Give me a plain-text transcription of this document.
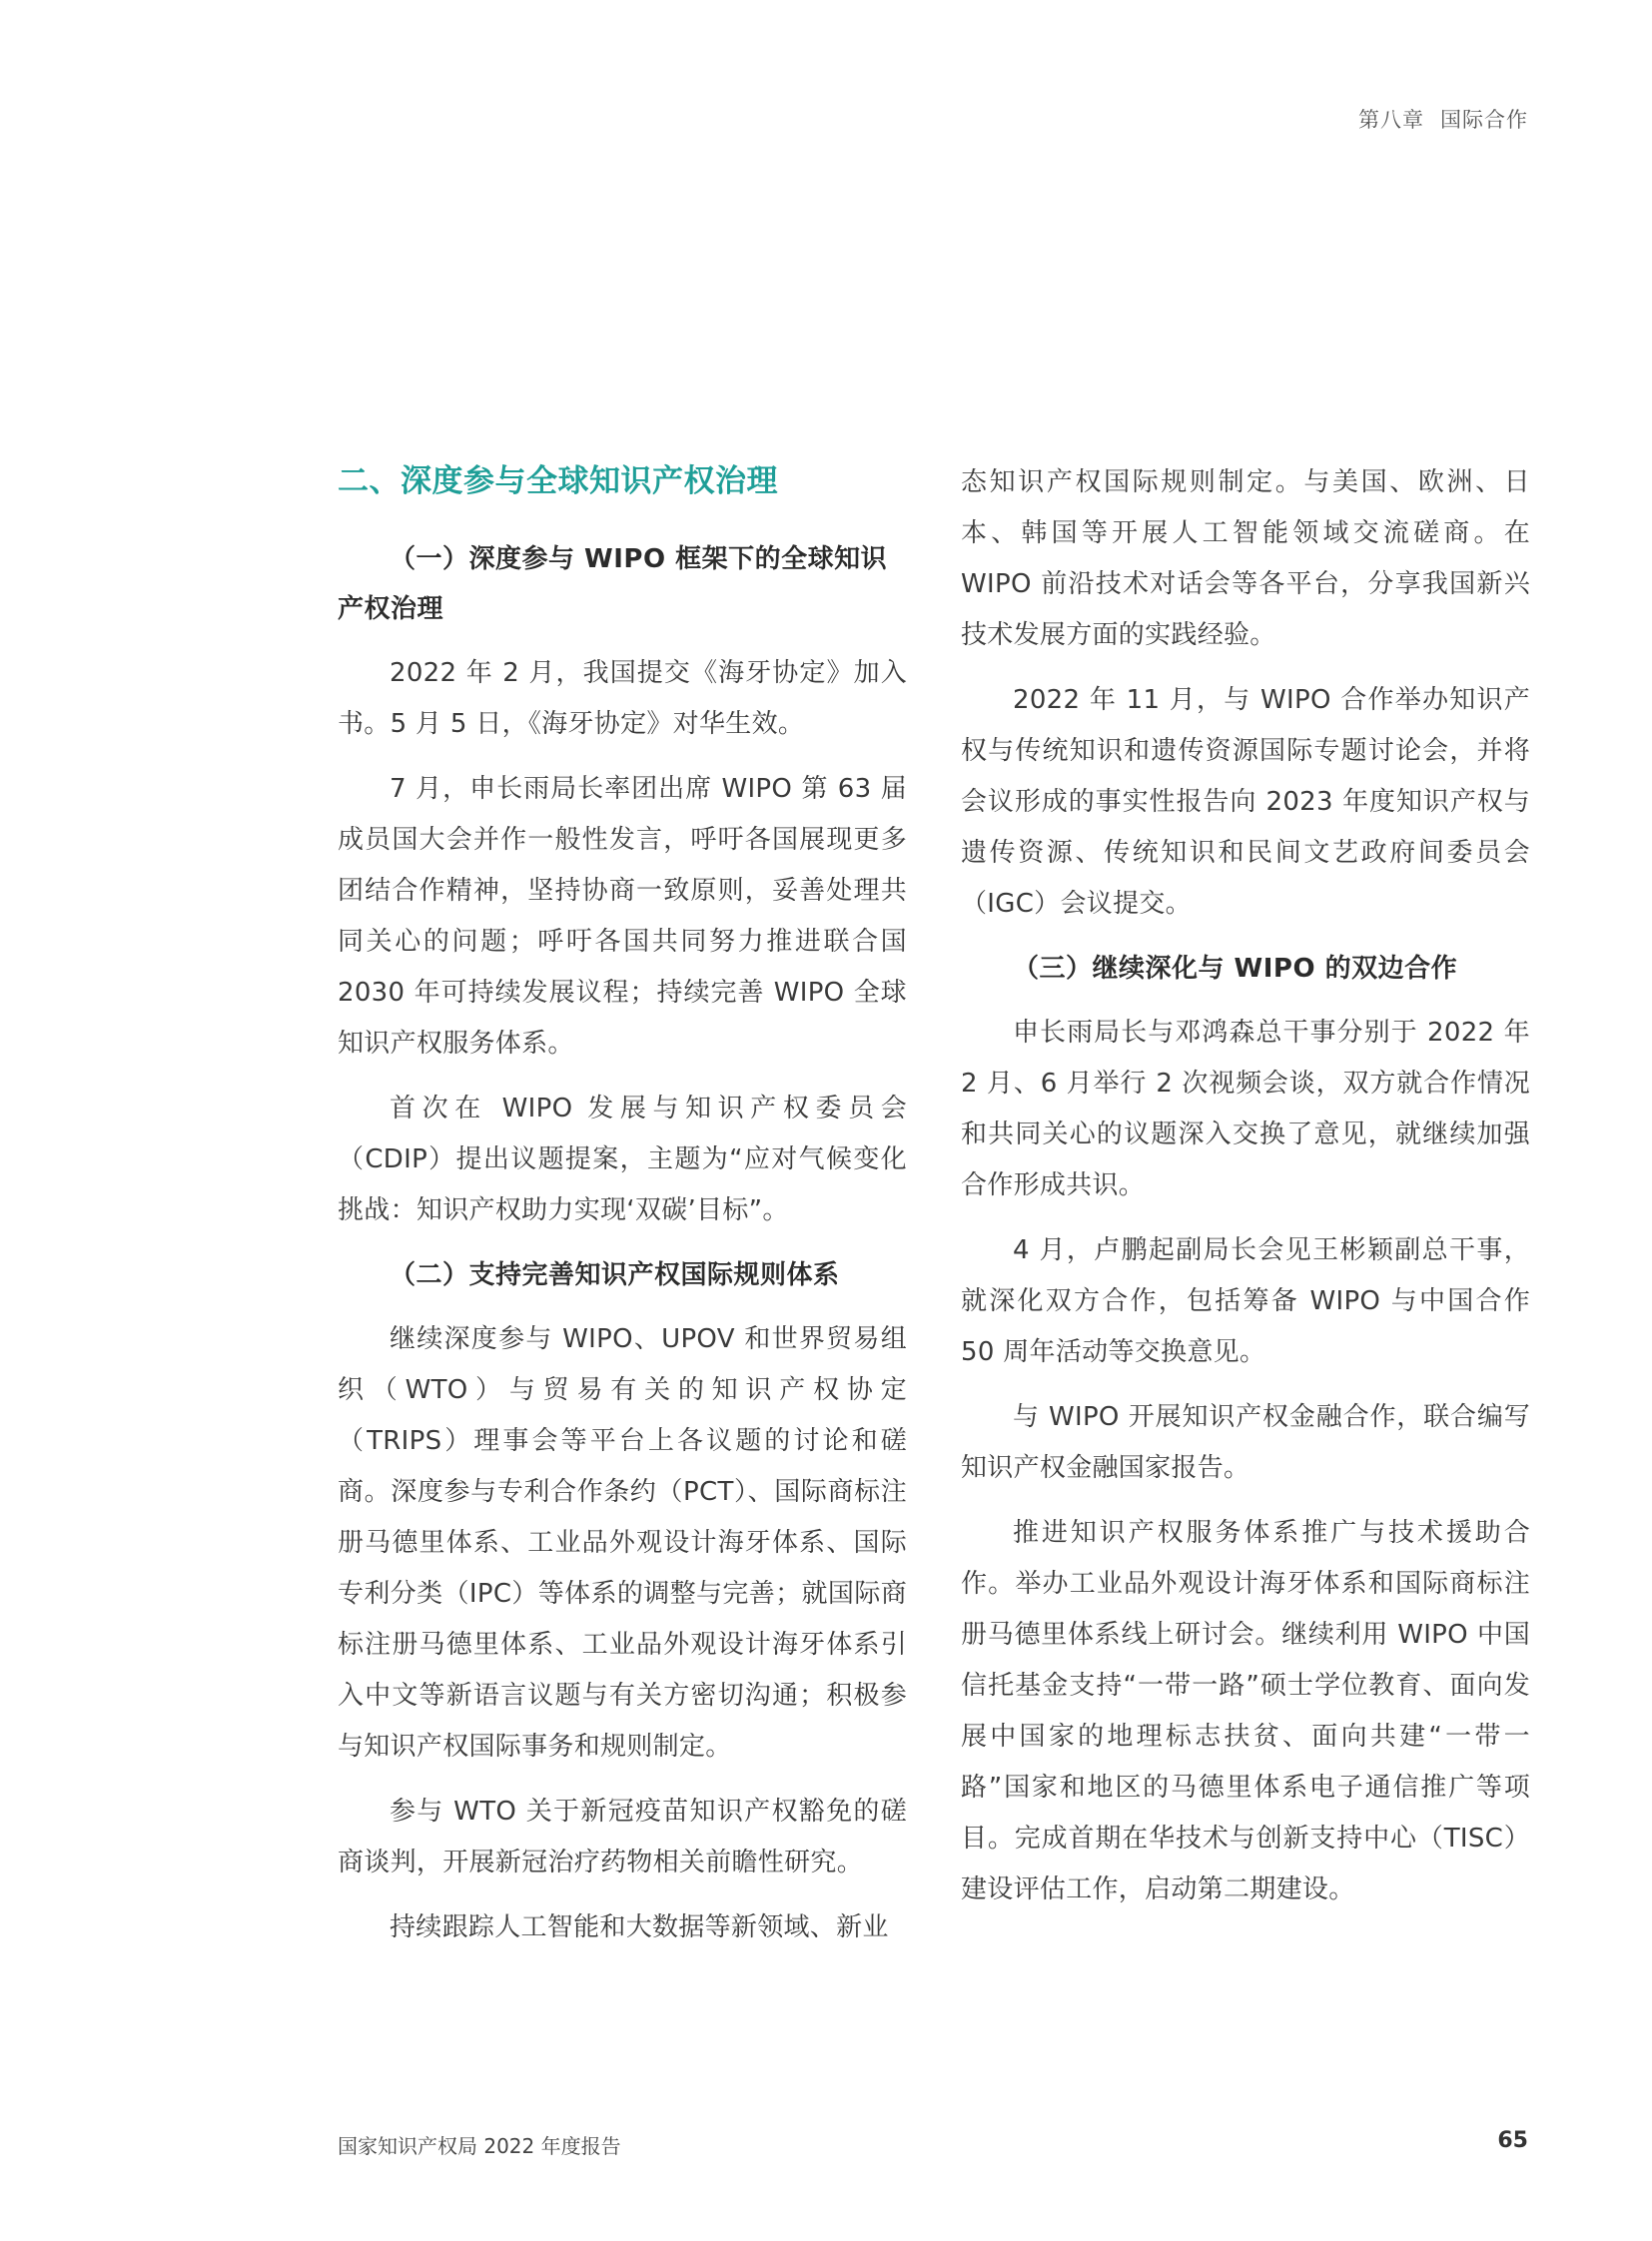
第八章 国际合作
二、深度参与全球知识产权治理
（一）深度参与 WIPO 框架下的全球知识产权治理

2022 年 2 月，我国提交《海牙协定》加入书。5 月 5 日，《海牙协定》对华生效。

7 月，申长雨局长率团出席 WIPO 第 63 届成员国大会并作一般性发言，呼吁各国展现更多团结合作精神，坚持协商一致原则，妥善处理共同关心的问题；呼吁各国共同努力推进联合国 2030 年可持续发展议程；持续完善 WIPO 全球知识产权服务体系。

首次在 WIPO 发展与知识产权委员会（CDIP）提出议题提案，主题为“应对气候变化挑战：知识产权助力实现‘双碳’目标”。

（二）支持完善知识产权国际规则体系

继续深度参与 WIPO、UPOV 和世界贸易组织（WTO）与贸易有关的知识产权协定（TRIPS）理事会等平台上各议题的讨论和磋商。深度参与专利合作条约（PCT）、国际商标注册马德里体系、工业品外观设计海牙体系、国际专利分类（IPC）等体系的调整与完善；就国际商标注册马德里体系、工业品外观设计海牙体系引入中文等新语言议题与有关方密切沟通；积极参与知识产权国际事务和规则制定。

参与 WTO 关于新冠疫苗知识产权豁免的磋商谈判，开展新冠治疗药物相关前瞻性研究。

持续跟踪人工智能和大数据等新领域、新业

态知识产权国际规则制定。与美国、欧洲、日本、韩国等开展人工智能领域交流磋商。在 WIPO 前沿技术对话会等各平台，分享我国新兴技术发展方面的实践经验。

2022 年 11 月，与 WIPO 合作举办知识产权与传统知识和遗传资源国际专题讨论会，并将会议形成的事实性报告向 2023 年度知识产权与遗传资源、传统知识和民间文艺政府间委员会（IGC）会议提交。

（三）继续深化与 WIPO 的双边合作

申长雨局长与邓鸿森总干事分别于 2022 年 2 月、6 月举行 2 次视频会谈，双方就合作情况和共同关心的议题深入交换了意见，就继续加强合作形成共识。

4 月，卢鹏起副局长会见王彬颖副总干事，就深化双方合作，包括筹备 WIPO 与中国合作 50 周年活动等交换意见。

与 WIPO 开展知识产权金融合作，联合编写知识产权金融国家报告。

推进知识产权服务体系推广与技术援助合作。举办工业品外观设计海牙体系和国际商标注册马德里体系线上研讨会。继续利用 WIPO 中国信托基金支持“一带一路”硕士学位教育、面向发展中国家的地理标志扶贫、面向共建“一带一路”国家和地区的马德里体系电子通信推广等项目。完成首期在华技术与创新支持中心（TISC）建设评估工作，启动第二期建设。

国家知识产权局 2022 年度报告	65
